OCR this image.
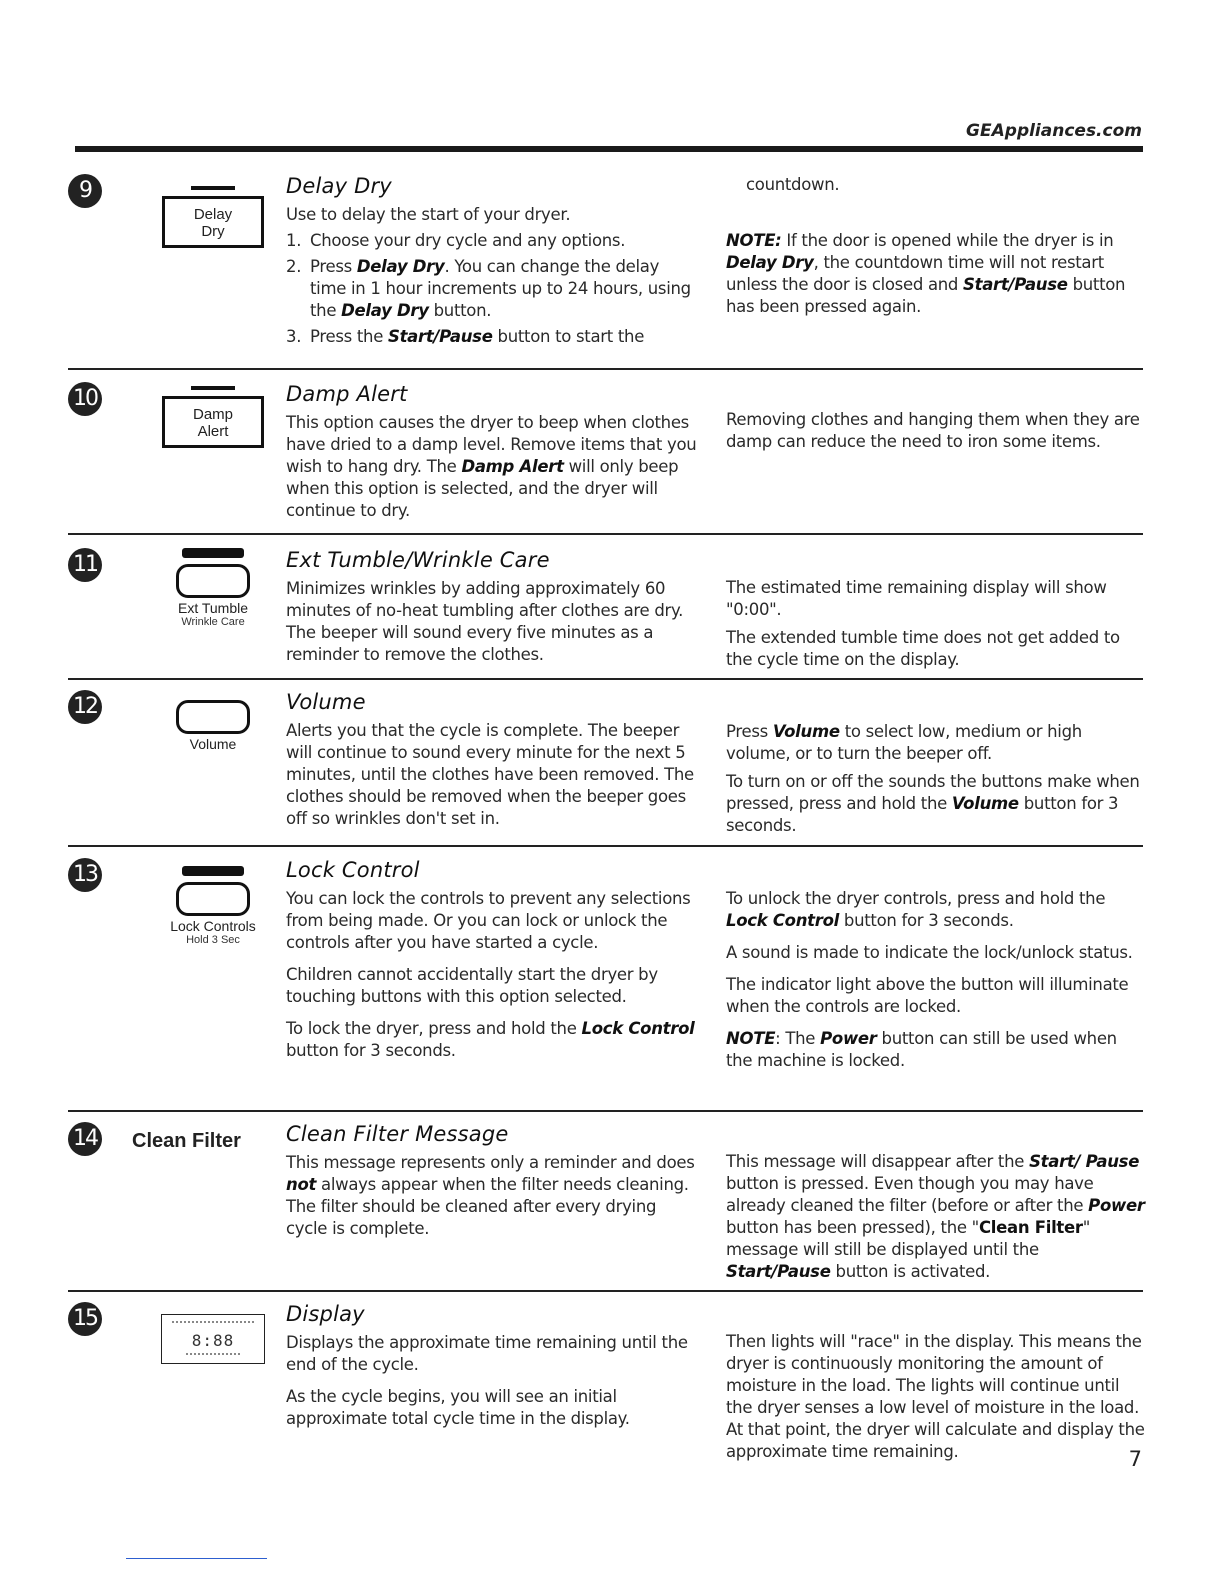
GEAppliances.com
9
Delay
Dry
Delay Dry

Use to delay the start of your dryer.

1. Choose your dry cycle and any options.
2. Press Delay Dry. You can change the delay time in 1 hour increments up to 24 hours, using the Delay Dry button.
3. Press the Start/Pause button to start the

countdown.

NOTE: If the door is opened while the dryer is in Delay Dry, the countdown time will not restart unless the door is closed and Start/Pause button has been pressed again.

10
Damp
Alert
Damp Alert

This option causes the dryer to beep when clothes have dried to a damp level. Remove items that you wish to hang dry. The Damp Alert will only beep when this option is selected, and the dryer will continue to dry.

Removing clothes and hanging them when they are damp can reduce the need to iron some items.

11
Ext Tumble
Wrinkle Care
Ext Tumble/Wrinkle Care

Minimizes wrinkles by adding approximately 60 minutes of no-heat tumbling after clothes are dry. The beeper will sound every five minutes as a reminder to remove the clothes.

The estimated time remaining display will show "0:00".

The extended tumble time does not get added to the cycle time on the display.

12
Volume
Volume

Alerts you that the cycle is complete. The beeper will continue to sound every minute for the next 5 minutes, until the clothes have been removed. The clothes should be removed when the beeper goes off so wrinkles don't set in.

Press Volume to select low, medium or high volume, or to turn the beeper off.

To turn on or off the sounds the buttons make when pressed, press and hold the Volume button for 3 seconds.

13
Lock Controls
Hold 3 Sec
Lock Control

You can lock the controls to prevent any selections from being made. Or you can lock or unlock the controls after you have started a cycle.

Children cannot accidentally start the dryer by touching buttons with this option selected.

To lock the dryer, press and hold the Lock Control button for 3 seconds.

To unlock the dryer controls, press and hold the Lock Control button for 3 seconds.

A sound is made to indicate the lock/unlock status.

The indicator light above the button will illuminate when the controls are locked.

NOTE: The Power button can still be used when the machine is locked.

14 Clean Filter Clean Filter Message

This message represents only a reminder and does not always appear when the filter needs cleaning. The filter should be cleaned after every drying cycle is complete.

This message will disappear after the Start/ Pause button is pressed. Even though you may have already cleaned the filter (before or after the Power button has been pressed), the "Clean Filter" message will still be displayed until the Start/Pause button is activated.

15
8:88
Display

Displays the approximate time remaining until the end of the cycle.

As the cycle begins, you will see an initial approximate total cycle time in the display.

Then lights will "race" in the display. This means the dryer is continuously monitoring the amount of moisture in the load. The lights will continue until the dryer senses a low level of moisture in the load. At that point, the dryer will calculate and display the approximate time remaining.	7
